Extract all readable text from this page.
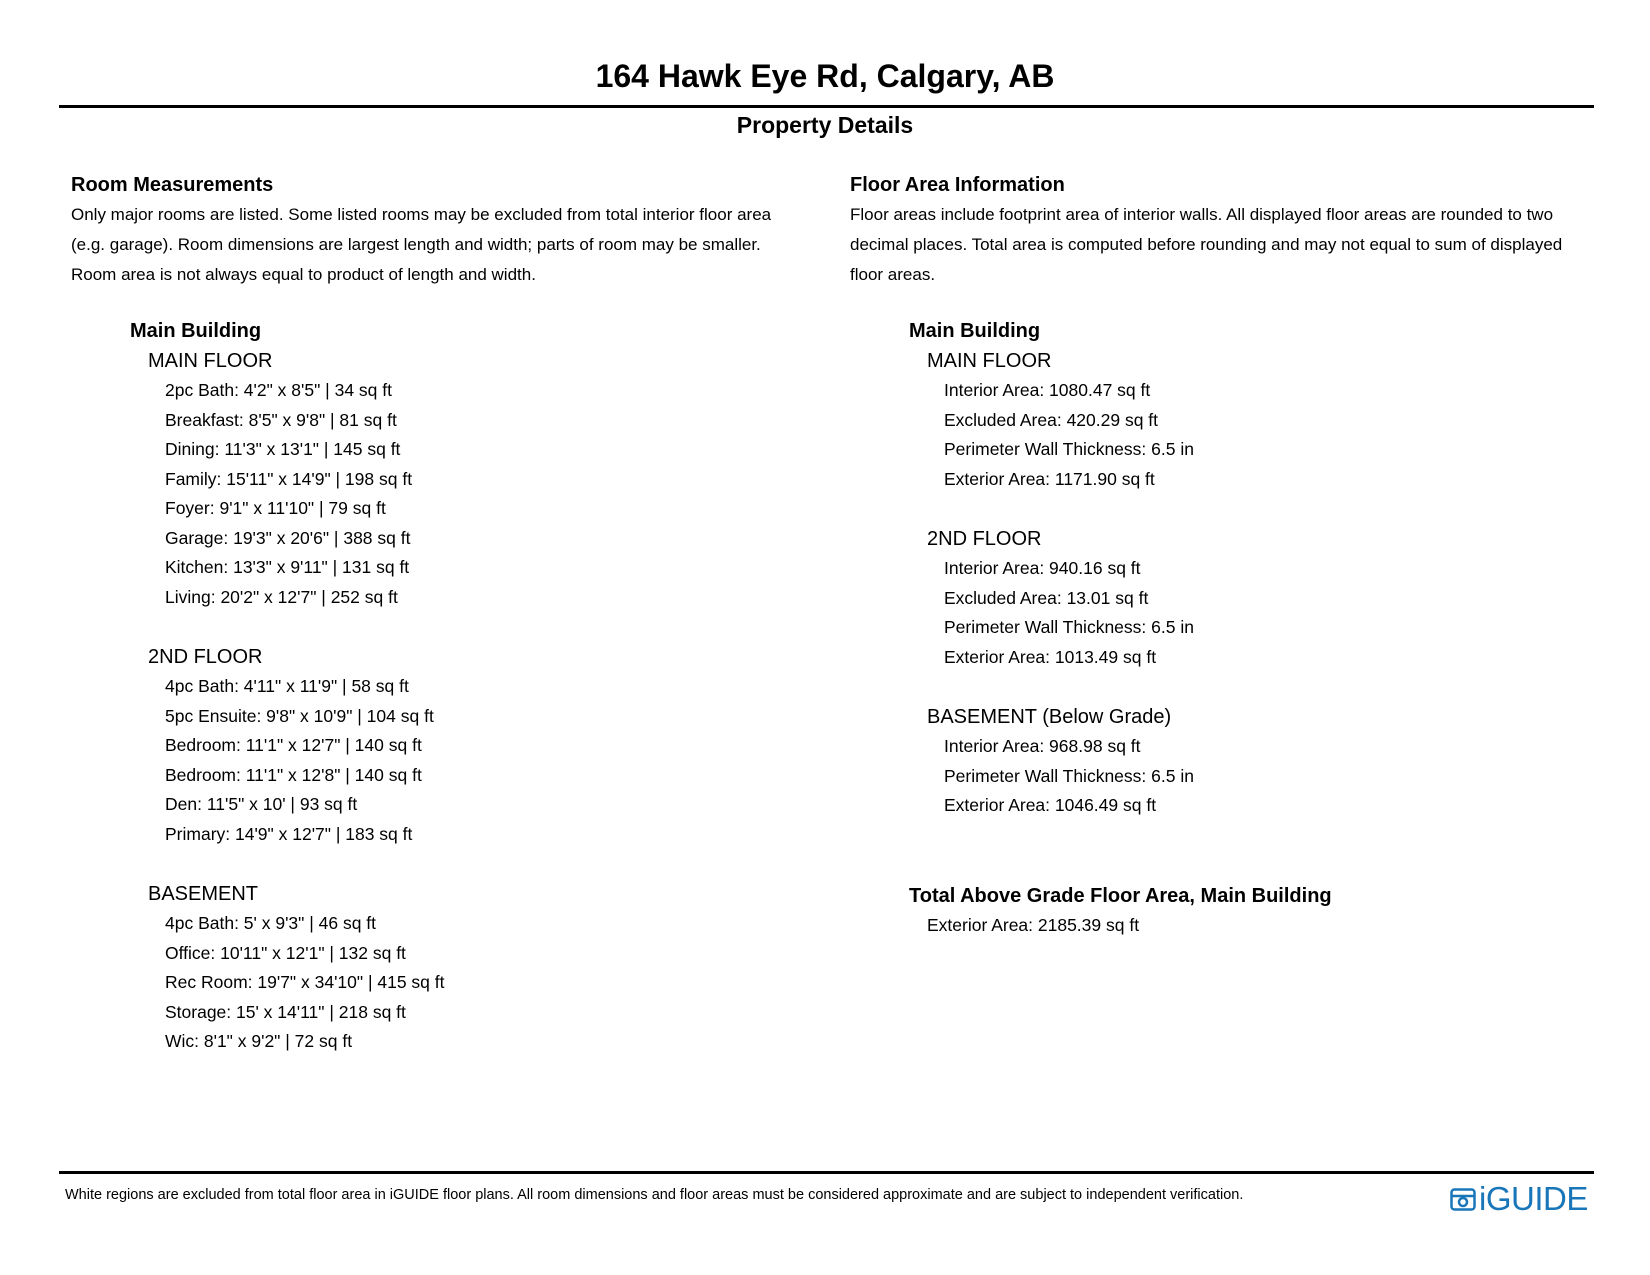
164 Hawk Eye Rd, Calgary, AB
Property Details
Room Measurements
Only major rooms are listed. Some listed rooms may be excluded from total interior floor area
(e.g. garage). Room dimensions are largest length and width; parts of room may be smaller.
Room area is not always equal to product of length and width.
Main Building
MAIN FLOOR
2pc Bath: 4'2" x 8'5" | 34 sq ft
Breakfast: 8'5" x 9'8" | 81 sq ft
Dining: 11'3" x 13'1" | 145 sq ft
Family: 15'11" x 14'9" | 198 sq ft
Foyer: 9'1" x 11'10" | 79 sq ft
Garage: 19'3" x 20'6" | 388 sq ft
Kitchen: 13'3" x 9'11" | 131 sq ft
Living: 20'2" x 12'7" | 252 sq ft
2ND FLOOR
4pc Bath: 4'11" x 11'9" | 58 sq ft
5pc Ensuite: 9'8" x 10'9" | 104 sq ft
Bedroom: 11'1" x 12'7" | 140 sq ft
Bedroom: 11'1" x 12'8" | 140 sq ft
Den: 11'5" x 10' | 93 sq ft
Primary: 14'9" x 12'7" | 183 sq ft
BASEMENT
4pc Bath: 5' x 9'3" | 46 sq ft
Office: 10'11" x 12'1" | 132 sq ft
Rec Room: 19'7" x 34'10" | 415 sq ft
Storage: 15' x 14'11" | 218 sq ft
Wic: 8'1" x 9'2" | 72 sq ft
Floor Area Information
Floor areas include footprint area of interior walls. All displayed floor areas are rounded to two
decimal places. Total area is computed before rounding and may not equal to sum of displayed
floor areas.
Main Building
MAIN FLOOR
Interior Area: 1080.47 sq ft
Excluded Area: 420.29 sq ft
Perimeter Wall Thickness: 6.5 in
Exterior Area: 1171.90 sq ft
2ND FLOOR
Interior Area: 940.16 sq ft
Excluded Area: 13.01 sq ft
Perimeter Wall Thickness: 6.5 in
Exterior Area: 1013.49 sq ft
BASEMENT (Below Grade)
Interior Area: 968.98 sq ft
Perimeter Wall Thickness: 6.5 in
Exterior Area: 1046.49 sq ft
Total Above Grade Floor Area, Main Building
Exterior Area: 2185.39 sq ft
White regions are excluded from total floor area in iGUIDE floor plans. All room dimensions and floor areas must be considered approximate and are subject to independent verification.	iGUIDE
